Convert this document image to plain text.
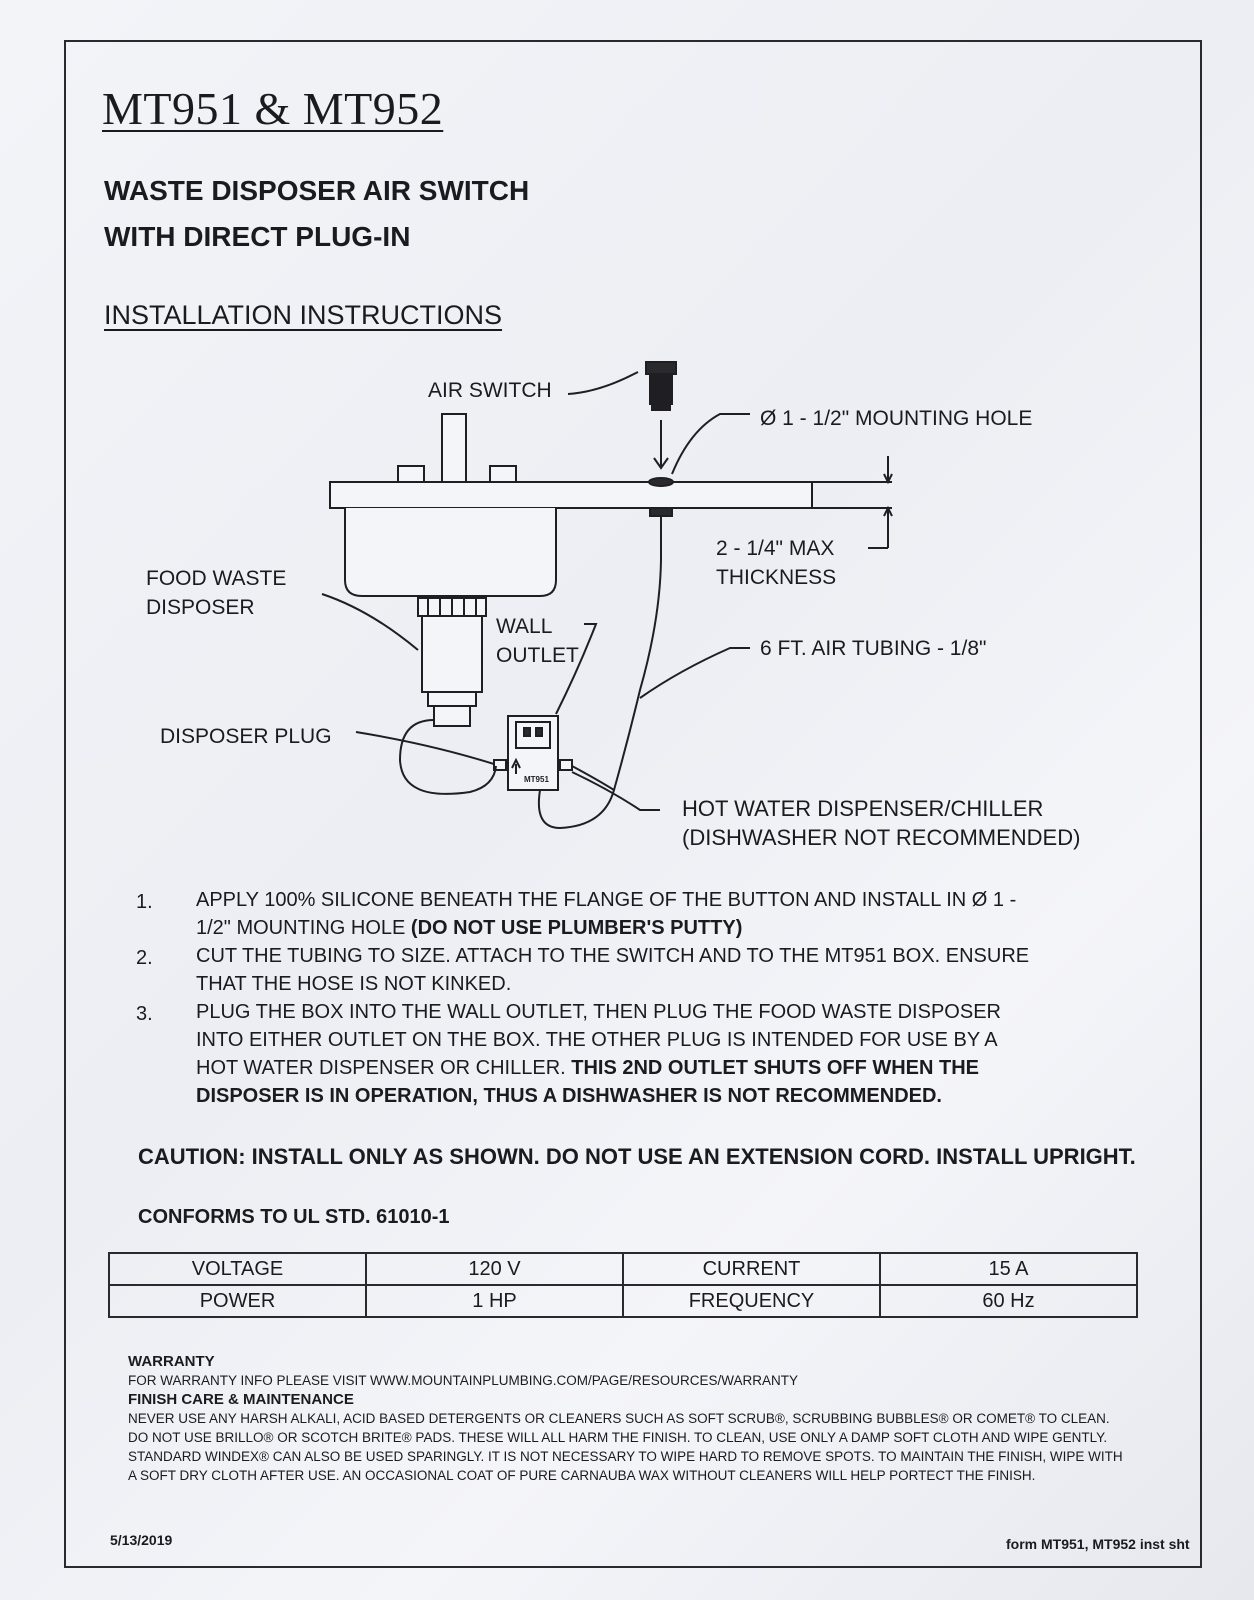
MT951 & MT952
WASTE DISPOSER AIR SWITCH
WITH DIRECT PLUG-IN
INSTALLATION INSTRUCTIONS
MT951
AIR SWITCH
Ø 1 - 1/2" MOUNTING HOLE
2 - 1/4" MAX
THICKNESS
FOOD WASTE
DISPOSER
WALL
OUTLET	6 FT. AIR TUBING - 1/8"
DISPOSER PLUG
HOT WATER DISPENSER/CHILLER
(DISHWASHER NOT RECOMMENDED)
1.	APPLY 100% SILICONE BENEATH THE FLANGE OF THE BUTTON AND INSTALL IN Ø 1 - 1/2" MOUNTING HOLE (DO NOT USE PLUMBER'S PUTTY)
2.	CUT THE TUBING TO SIZE. ATTACH TO THE SWITCH AND TO THE MT951 BOX. ENSURE THAT THE HOSE IS NOT KINKED.
3.	PLUG THE BOX INTO THE WALL OUTLET, THEN PLUG THE FOOD WASTE DISPOSER INTO EITHER OUTLET ON THE BOX. THE OTHER PLUG IS INTENDED FOR USE BY A HOT WATER DISPENSER OR CHILLER. THIS 2ND OUTLET SHUTS OFF WHEN THE DISPOSER IS IN OPERATION, THUS A DISHWASHER IS NOT RECOMMENDED.
CAUTION: INSTALL ONLY AS SHOWN. DO NOT USE AN EXTENSION CORD. INSTALL UPRIGHT.
CONFORMS TO UL STD. 61010-1
VOLTAGE	120 V	CURRENT	15 A
POWER	1 HP	FREQUENCY	60 Hz
WARRANTY
FOR WARRANTY INFO PLEASE VISIT WWW.MOUNTAINPLUMBING.COM/PAGE/RESOURCES/WARRANTY
FINISH CARE & MAINTENANCE
NEVER USE ANY HARSH ALKALI, ACID BASED DETERGENTS OR CLEANERS SUCH AS SOFT SCRUB®, SCRUBBING BUBBLES® OR COMET® TO CLEAN. DO NOT USE BRILLO® OR SCOTCH BRITE® PADS. THESE WILL ALL HARM THE FINISH. TO CLEAN, USE ONLY A DAMP SOFT CLOTH AND WIPE GENTLY. STANDARD WINDEX® CAN ALSO BE USED SPARINGLY. IT IS NOT NECESSARY TO WIPE HARD TO REMOVE SPOTS. TO MAINTAIN THE FINISH, WIPE WITH A SOFT DRY CLOTH AFTER USE. AN OCCASIONAL COAT OF PURE CARNAUBA WAX WITHOUT CLEANERS WILL HELP PORTECT THE FINISH.
5/13/2019	form MT951, MT952 inst sht
